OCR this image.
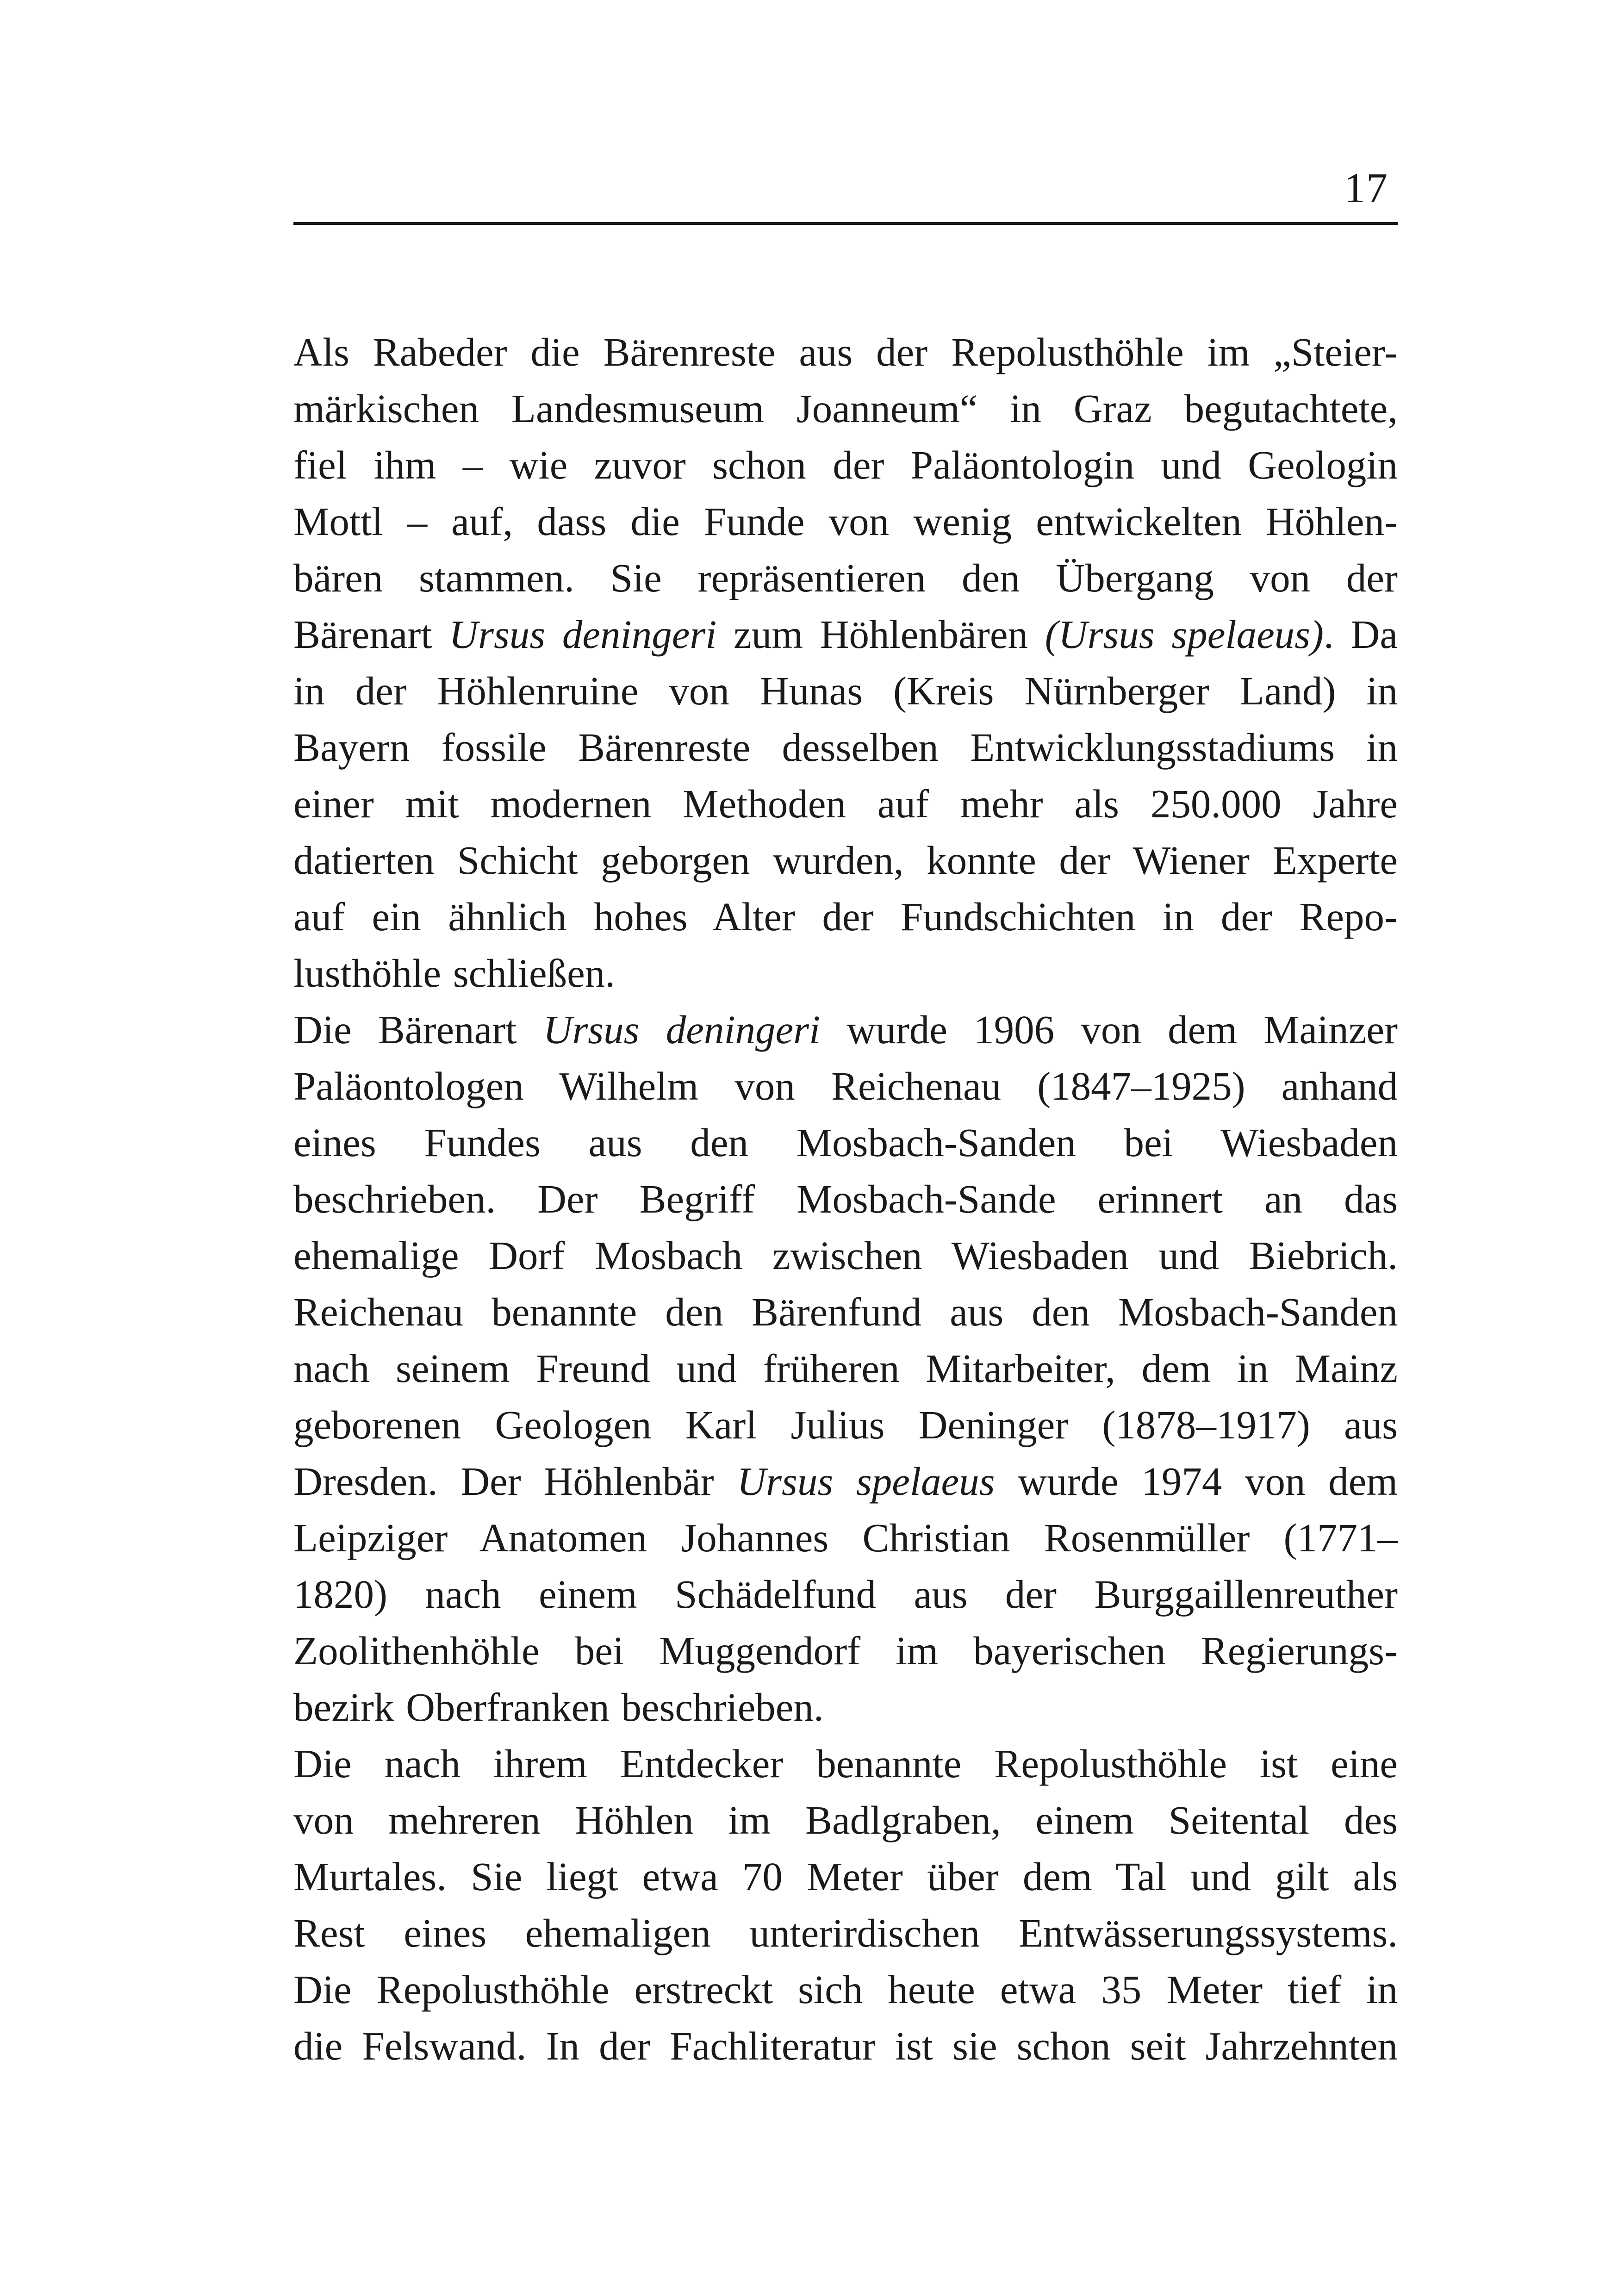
17
Als Rabeder die Bärenreste aus der Repolusthöhle im „Steier-
märkischen Landesmuseum Joanneum“ in Graz begutachtete,
fiel ihm – wie zuvor schon der Paläontologin und Geologin
Mottl – auf, dass die Funde von wenig entwickelten Höhlen-
bären stammen. Sie repräsentieren den Übergang von der
Bärenart Ursus deningeri zum Höhlenbären (Ursus spelaeus). Da
in der Höhlenruine von Hunas (Kreis Nürnberger Land) in
Bayern fossile Bärenreste desselben Entwicklungsstadiums in
einer mit modernen Methoden auf mehr als 250.000 Jahre
datierten Schicht geborgen wurden, konnte der Wiener Experte
auf ein ähnlich hohes Alter der Fundschichten in der Repo-
lusthöhle schließen.
Die Bärenart Ursus deningeri wurde 1906 von dem Mainzer
Paläontologen Wilhelm von Reichenau (1847–1925) anhand
eines Fundes aus den Mosbach-Sanden bei Wiesbaden
beschrieben. Der Begriff Mosbach-Sande erinnert an das
ehemalige Dorf Mosbach zwischen Wiesbaden und Biebrich.
Reichenau benannte den Bärenfund aus den Mosbach-Sanden
nach seinem Freund und früheren Mitarbeiter, dem in Mainz
geborenen Geologen Karl Julius Deninger (1878–1917) aus
Dresden. Der Höhlenbär Ursus spelaeus wurde 1974 von dem
Leipziger Anatomen Johannes Christian Rosenmüller (1771–
1820) nach einem Schädelfund aus der Burggaillenreuther
Zoolithenhöhle bei Muggendorf im bayerischen Regierungs-
bezirk Oberfranken beschrieben.
Die nach ihrem Entdecker benannte Repolusthöhle ist eine
von mehreren Höhlen im Badlgraben, einem Seitental des
Murtales. Sie liegt etwa 70 Meter über dem Tal und gilt als
Rest eines ehemaligen unterirdischen Entwässerungssystems.
Die Repolusthöhle erstreckt sich heute etwa 35 Meter tief in
die Felswand. In der Fachliteratur ist sie schon seit Jahrzehnten
